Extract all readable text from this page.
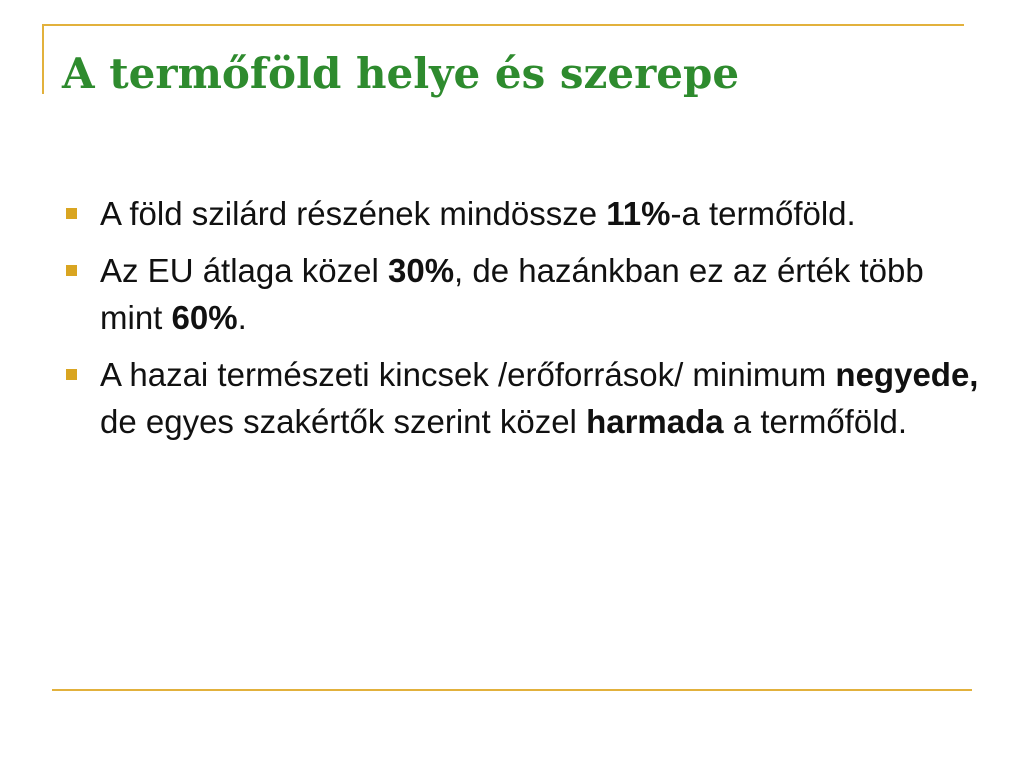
A termőföld helye és szerepe
A föld szilárd részének mindössze 11%-a termőföld.
Az EU átlaga közel 30%, de hazánkban ez az érték több mint 60%.
A hazai természeti kincsek /erőforrások/ minimum negyede, de egyes szakértők szerint közel harmada a termőföld.
